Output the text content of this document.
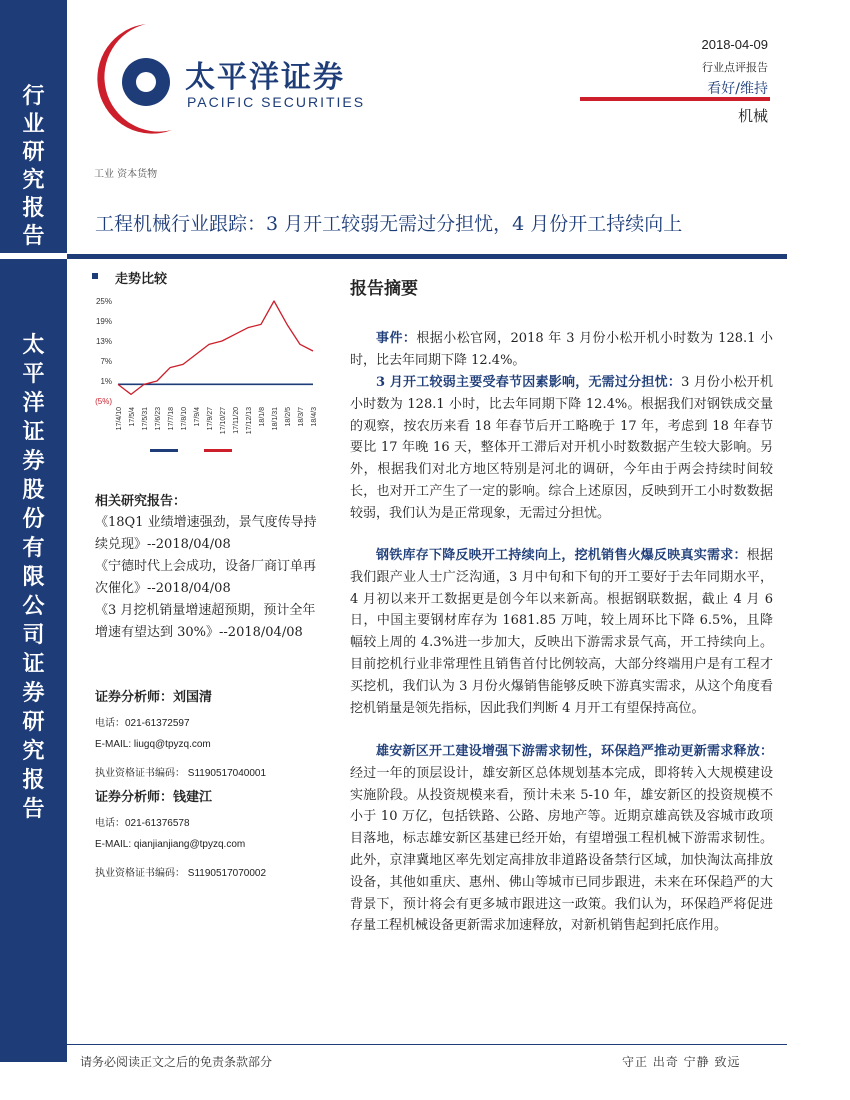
行
业
研
究
报
告
太
平
洋
证
券
股
份
有
限
公
司
证
券
研
究
报
告
太平洋证券
PACIFIC SECURITIES
2018-04-09
行业点评报告
看好/维持
机械
工业 资本货物
工程机械行业跟踪：3 月开工较弱无需过分担忧，4 月份开工持续向上
走势比较
25%
19%
13%
7%
1%
(5%)
17/4/10 17/5/4 17/5/31 17/6/23 17/7/18 17/8/10 17/9/4 17/9/27 17/10/27 17/11/20 17/12/13 18/1/8 18/1/31 18/2/5 18/3/7 18/4/3
相关研究报告：
《18Q1 业绩增速强劲，景气度传导持续兑现》--2018/04/08
《宁德时代上会成功，设备厂商订单再次催化》--2018/04/08
《3 月挖机销量增速超预期，预计全年增速有望达到 30%》--2018/04/08
证券分析师：刘国清
电话：021-61372597
E-MAIL: liugq@tpyzq.com
执业资格证书编码： S1190517040001
证券分析师：钱建江
电话：021-61376578
E-MAIL: qianjianjiang@tpyzq.com
执业资格证书编码： S1190517070002
报告摘要
事件：根据小松官网，2018 年 3 月份小松开机小时数为 128.1 小时，比去年同期下降 12.4%。
3 月开工较弱主要受春节因素影响，无需过分担忧：3 月份小松开机小时数为 128.1 小时，比去年同期下降 12.4%。根据我们对钢铁成交量的观察，按农历来看 18 年春节后开工略晚于 17 年，考虑到 18 年春节要比 17 年晚 16 天，整体开工滞后对开机小时数数据产生较大影响。另外，根据我们对北方地区特别是河北的调研，今年由于两会持续时间较长，也对开工产生了一定的影响。综合上述原因，反映到开工小时数数据较弱，我们认为是正常现象，无需过分担忧。
钢铁库存下降反映开工持续向上，挖机销售火爆反映真实需求：根据我们跟产业人士广泛沟通，3 月中旬和下旬的开工要好于去年同期水平，4 月初以来开工数据更是创今年以来新高。根据钢联数据，截止 4 月 6 日，中国主要钢材库存为 1681.85 万吨，较上周环比下降 6.5%，且降幅较上周的 4.3%进一步加大，反映出下游需求景气高，开工持续向上。目前挖机行业非常理性且销售首付比例较高，大部分终端用户是有工程才买挖机，我们认为 3 月份火爆销售能够反映下游真实需求，从这个角度看挖机销量是领先指标，因此我们判断 4 月开工有望保持高位。
雄安新区开工建设增强下游需求韧性，环保趋严推动更新需求释放：经过一年的顶层设计，雄安新区总体规划基本完成，即将转入大规模建设实施阶段。从投资规模来看，预计未来 5-10 年，雄安新区的投资规模不小于 10 万亿，包括铁路、公路、房地产等。近期京雄高铁及容城市政项目落地，标志雄安新区基建已经开始，有望增强工程机械下游需求韧性。此外，京津冀地区率先划定高排放非道路设备禁行区域，加快淘汰高排放设备，其他如重庆、惠州、佛山等城市已同步跟进，未来在环保趋严的大背景下，预计将会有更多城市跟进这一政策。我们认为，环保趋严将促进存量工程机械设备更新需求加速释放，对新机销售起到托底作用。
请务必阅读正文之后的免责条款部分	守正 出奇 宁静 致远
